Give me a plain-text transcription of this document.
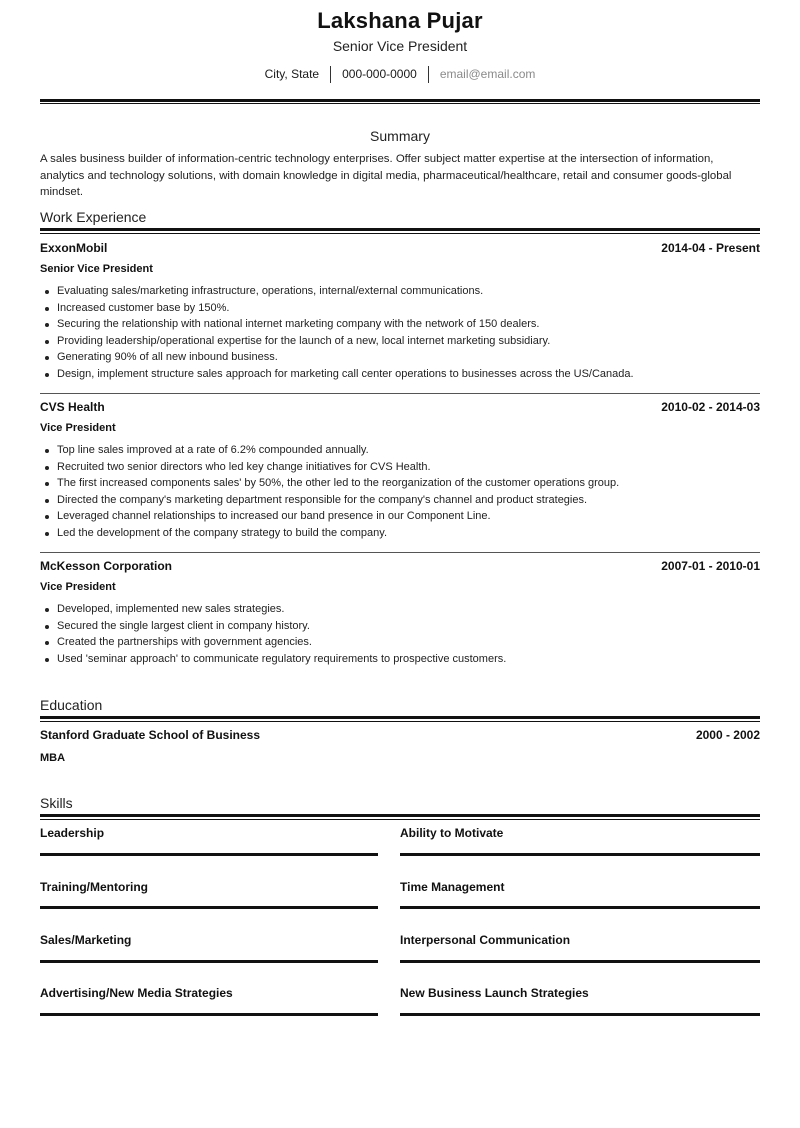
Lakshana Pujar
Senior Vice President
City, State	000-000-0000	email@email.com
Summary
A sales business builder of information-centric technology enterprises. Offer subject matter expertise at the intersection of information, analytics and technology solutions, with domain knowledge in digital media, pharmaceutical/healthcare, retail and consumer goods-global mindset.
Work Experience
ExxonMobil	2014-04 - Present
Senior Vice President
Evaluating sales/marketing infrastructure, operations, internal/external communications.
Increased customer base by 150%.
Securing the relationship with national internet marketing company with the network of 150 dealers.
Providing leadership/operational expertise for the launch of a new, local internet marketing subsidiary.
Generating 90% of all new inbound business.
Design, implement structure sales approach for marketing call center operations to businesses across the US/Canada.
CVS Health	2010-02 - 2014-03
Vice President
Top line sales improved at a rate of 6.2% compounded annually.
Recruited two senior directors who led key change initiatives for CVS Health.
The first increased components sales' by 50%, the other led to the reorganization of the customer operations group.
Directed the company's marketing department responsible for the company's channel and product strategies.
Leveraged channel relationships to increased our band presence in our Component Line.
Led the development of the company strategy to build the company.
McKesson Corporation	2007-01 - 2010-01
Vice President
Developed, implemented new sales strategies.
Secured the single largest client in company history.
Created the partnerships with government agencies.
Used 'seminar approach' to communicate regulatory requirements to prospective customers.
Education
Stanford Graduate School of Business	2000 - 2002
MBA
Skills
Leadership	Ability to Motivate
Training/Mentoring	Time Management
Sales/Marketing	Interpersonal Communication
Advertising/New Media Strategies	New Business Launch Strategies
